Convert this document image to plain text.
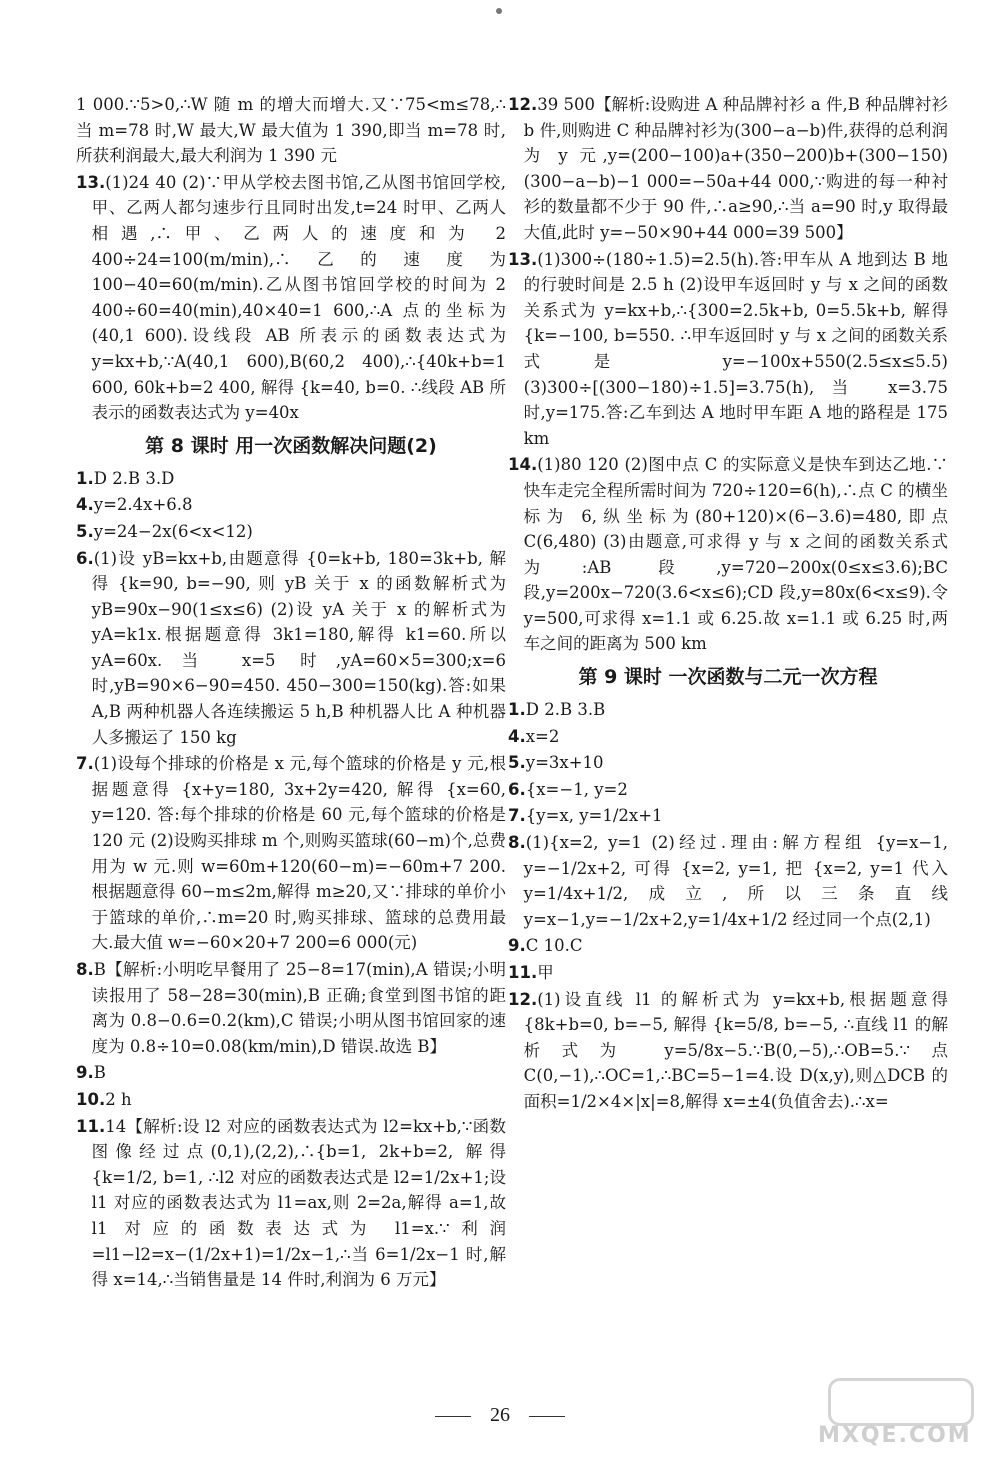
1 000.∵5>0,∴W 随 m 的增大而增大.又∵75<m≤78,∴当 m=78 时,W 最大,W 最大值为 1 390,即当 m=78 时,所获利润最大,最大利润为 1 390 元

13.(1)24 40 (2)∵甲从学校去图书馆,乙从图书馆回学校,甲、乙两人都匀速步行且同时出发,t=24 时甲、乙两人相遇,∴甲、乙两人的速度和为 2 400÷24=100(m/min),∴乙的速度为 100−40=60(m/min).乙从图书馆回学校的时间为 2 400÷60=40(min),40×40=1 600,∴A 点的坐标为(40,1 600).设线段 AB 所表示的函数表达式为 y=kx+b,∵A(40,1 600),B(60,2 400),∴{40k+b=1 600, 60k+b=2 400, 解得 {k=40, b=0. ∴线段 AB 所表示的函数表达式为 y=40x

第 8 课时 用一次函数解决问题(2)

1.D 2.B 3.D

4.y=2.4x+6.8

5.y=24−2x(6<x<12)

6.(1)设 yB=kx+b,由题意得 {0=k+b, 180=3k+b, 解得 {k=90, b=−90, 则 yB 关于 x 的函数解析式为 yB=90x−90(1≤x≤6) (2)设 yA 关于 x 的解析式为 yA=k1x.根据题意得 3k1=180,解得 k1=60.所以 yA=60x.当 x=5 时,yA=60×5=300;x=6 时,yB=90×6−90=450. 450−300=150(kg).答:如果 A,B 两种机器人各连续搬运 5 h,B 种机器人比 A 种机器人多搬运了 150 kg

7.(1)设每个排球的价格是 x 元,每个篮球的价格是 y 元,根据题意得 {x+y=180, 3x+2y=420, 解得 {x=60, y=120. 答:每个排球的价格是 60 元,每个篮球的价格是 120 元 (2)设购买排球 m 个,则购买篮球(60−m)个,总费用为 w 元.则 w=60m+120(60−m)=−60m+7 200.根据题意得 60−m≤2m,解得 m≥20,又∵排球的单价小于篮球的单价,∴m=20 时,购买排球、篮球的总费用最大.最大值 w=−60×20+7 200=6 000(元)

8.B【解析:小明吃早餐用了 25−8=17(min),A 错误;小明读报用了 58−28=30(min),B 正确;食堂到图书馆的距离为 0.8−0.6=0.2(km),C 错误;小明从图书馆回家的速度为 0.8÷10=0.08(km/min),D 错误.故选 B】

9.B

10.2 h

11.14【解析:设 l2 对应的函数表达式为 l2=kx+b,∵函数图像经过点(0,1),(2,2),∴{b=1, 2k+b=2, 解得 {k=1/2, b=1, ∴l2 对应的函数表达式是 l2=1/2x+1;设 l1 对应的函数表达式为 l1=ax,则 2=2a,解得 a=1,故 l1 对应的函数表达式为 l1=x.∵利润=l1−l2=x−(1/2x+1)=1/2x−1,∴当 6=1/2x−1 时,解得 x=14,∴当销售量是 14 件时,利润为 6 万元】

12.39 500【解析:设购进 A 种品牌衬衫 a 件,B 种品牌衬衫 b 件,则购进 C 种品牌衬衫为(300−a−b)件,获得的总利润为 y 元,y=(200−100)a+(350−200)b+(300−150)(300−a−b)−1 000=−50a+44 000,∵购进的每一种衬衫的数量都不少于 90 件,∴a≥90,∴当 a=90 时,y 取得最大值,此时 y=−50×90+44 000=39 500】

13.(1)300÷(180÷1.5)=2.5(h).答:甲车从 A 地到达 B 地的行驶时间是 2.5 h (2)设甲车返回时 y 与 x 之间的函数关系式为 y=kx+b,∴{300=2.5k+b, 0=5.5k+b, 解得 {k=−100, b=550. ∴甲车返回时 y 与 x 之间的函数关系式是 y=−100x+550(2.5≤x≤5.5) (3)300÷[(300−180)÷1.5]=3.75(h),当 x=3.75 时,y=175.答:乙车到达 A 地时甲车距 A 地的路程是 175 km

14.(1)80 120 (2)图中点 C 的实际意义是快车到达乙地.∵快车走完全程所需时间为 720÷120=6(h),∴点 C 的横坐标为 6,纵坐标为(80+120)×(6−3.6)=480,即点 C(6,480) (3)由题意,可求得 y 与 x 之间的函数关系式为:AB 段,y=720−200x(0≤x≤3.6);BC 段,y=200x−720(3.6<x≤6);CD 段,y=80x(6<x≤9).令 y=500,可求得 x=1.1 或 6.25.故 x=1.1 或 6.25 时,两车之间的距离为 500 km

第 9 课时 一次函数与二元一次方程

1.D 2.B 3.B

4.x=2

5.y=3x+10

6.{x=−1, y=2

7.{y=x, y=1/2x+1

8.(1){x=2, y=1 (2)经过.理由:解方程组 {y=x−1, y=−1/2x+2, 可得 {x=2, y=1, 把 {x=2, y=1 代入 y=1/4x+1/2,成立,所以三条直线 y=x−1,y=−1/2x+2,y=1/4x+1/2 经过同一个点(2,1)

9.C 10.C

11.甲

12.(1)设直线 l1 的解析式为 y=kx+b,根据题意得 {8k+b=0, b=−5, 解得 {k=5/8, b=−5, ∴直线 l1 的解析式为 y=5/8x−5.∵B(0,−5),∴OB=5.∵点 C(0,−1),∴OC=1,∴BC=5−1=4.设 D(x,y),则△DCB 的面积=1/2×4×|x|=8,解得 x=±4(负值舍去).∴x=

26
MXQE.COM
